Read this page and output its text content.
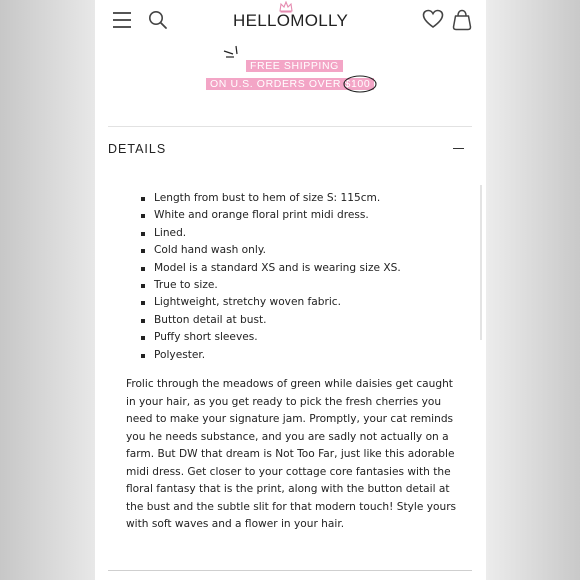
HELLOMOLLY
FREE SHIPPING
ON U.S. ORDERS OVER $100
DETAILS
Length from bust to hem of size S: 115cm.
White and orange floral print midi dress.
Lined.
Cold hand wash only.
Model is a standard XS and is wearing size XS.
True to size.
Lightweight, stretchy woven fabric.
Button detail at bust.
Puffy short sleeves.
Polyester.

Frolic through the meadows of green while daisies get caught in your hair, as you get ready to pick the fresh cherries you need to make your signature jam. Promptly, your cat reminds you he needs substance, and you are sadly not actually on a farm. But DW that dream is Not Too Far, just like this adorable midi dress. Get closer to your cottage core fantasies with the floral fantasy that is the print, along with the button detail at the bust and the subtle slit for that modern touch! Style yours with soft waves and a flower in your hair.
